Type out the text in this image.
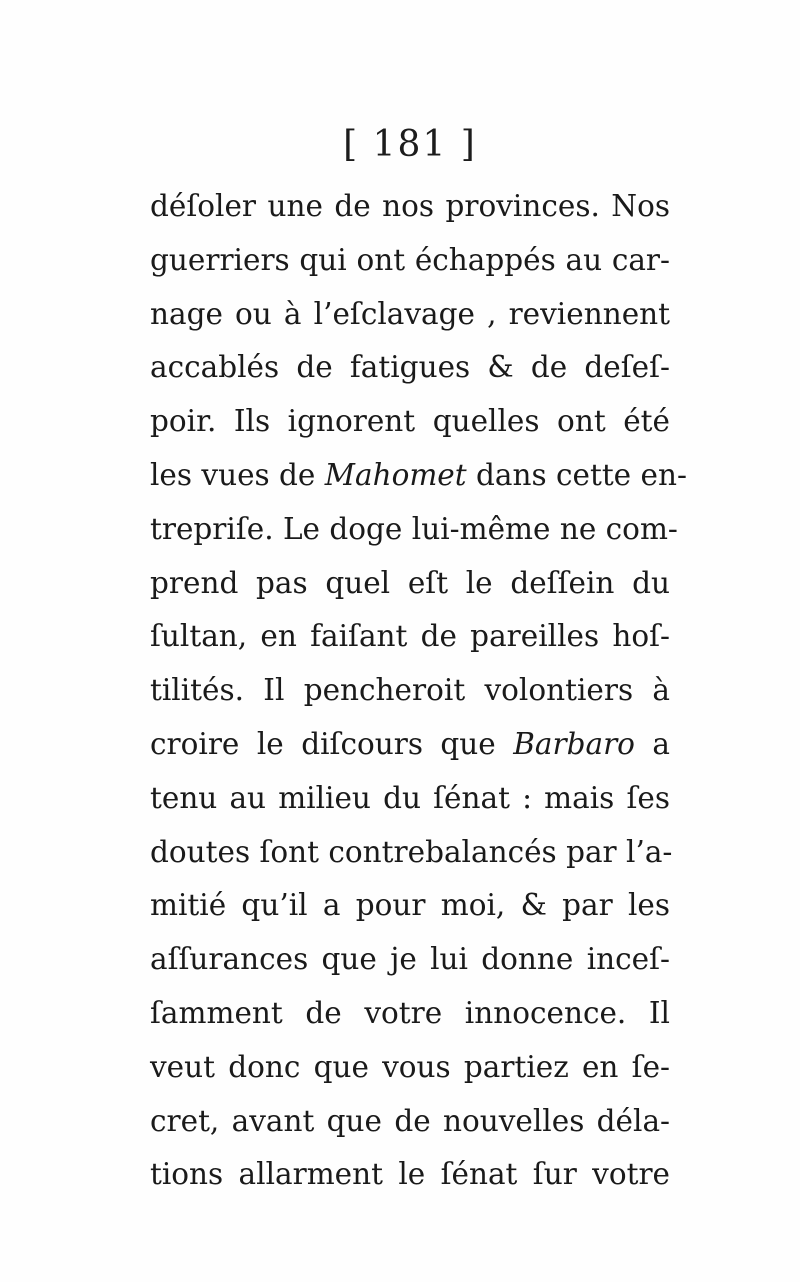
[ 181 ]
déſoler une de nos provinces. Nos
guerriers qui ont échappés au car-
nage ou à l’eſclavage , reviennent
accablés de fatigues & de deſeſ-
poir. Ils ignorent quelles ont été
les vues de Mahomet dans cette en-
trepriſe. Le doge lui-même ne com-
prend pas quel eſt le deſſein du
ſultan, en faiſant de pareilles hoſ-
tilités. Il pencheroit volontiers à
croire le diſcours que Barbaro a
tenu au milieu du ſénat : mais ſes
doutes ſont contrebalancés par l’a-
mitié qu’il a pour moi, & par les
aſſurances que je lui donne inceſ-
ſamment de votre innocence. Il
veut donc que vous partiez en ſe-
cret, avant que de nouvelles déla-
tions allarment le ſénat ſur votre
